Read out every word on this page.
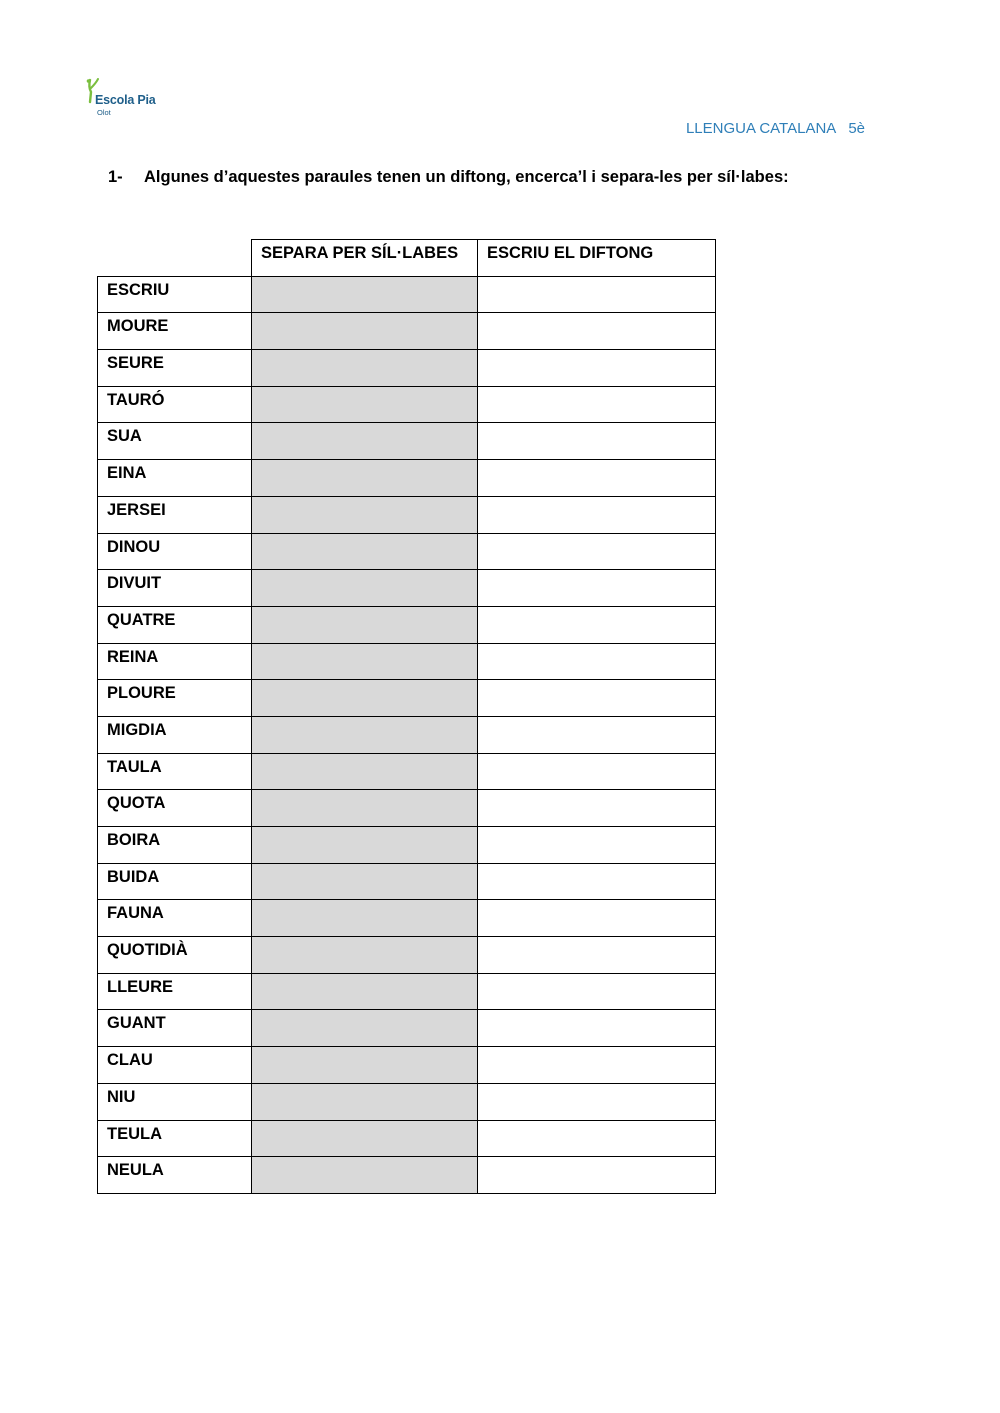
Escola Pia
Olot
LLENGUA CATALANA 5è
1- Algunes d’aquestes paraules tenen un diftong, encerca’l i separa-les per síl·labes:
	SEPARA PER SÍL·LABES	ESCRIU EL DIFTONG
ESCRIU		
MOURE		
SEURE		
TAURÓ		
SUA		
EINA		
JERSEI		
DINOU		
DIVUIT		
QUATRE		
REINA		
PLOURE		
MIGDIA		
TAULA		
QUOTA		
BOIRA		
BUIDA		
FAUNA		
QUOTIDIÀ		
LLEURE		
GUANT		
CLAU		
NIU		
TEULA		
NEULA		
